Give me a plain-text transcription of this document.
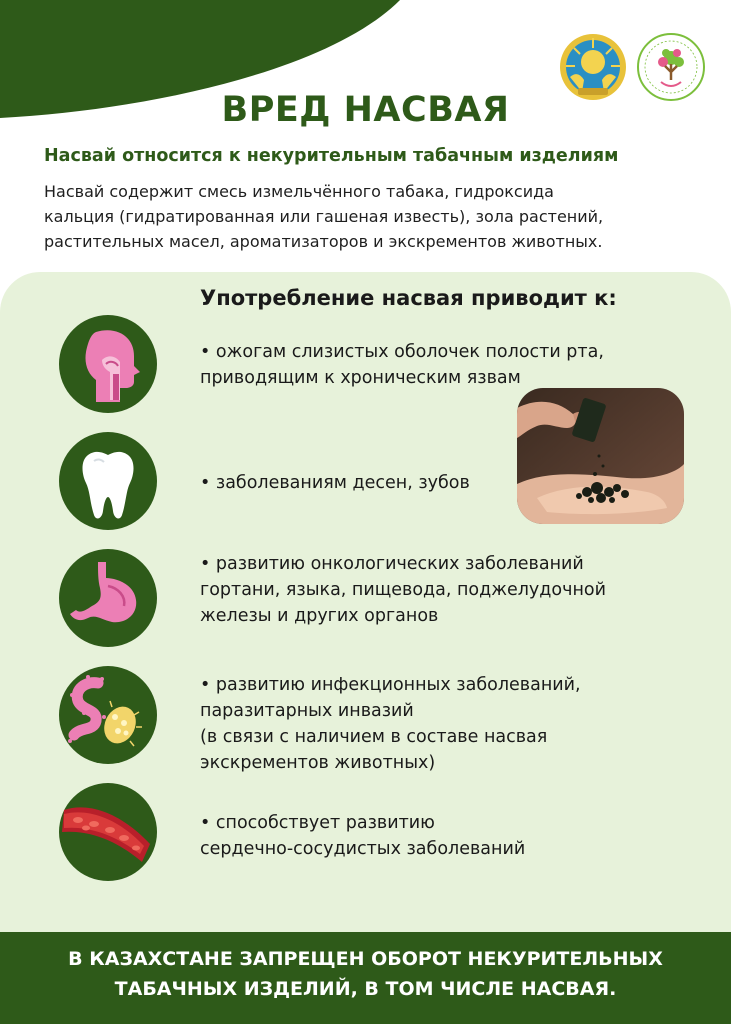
ВРЕД НАСВАЯ
Насвай относится к некурительным табачным изделиям
Насвай содержит смесь измельчённого табака, гидроксида
кальция (гидратированная или гашеная известь), зола растений,
растительных масел, ароматизаторов и экскрементов животных.
Употребление насвая приводит к:
• ожогам слизистых оболочек полости рта,
приводящим к хроническим язвам
• заболеваниям десен, зубов
• развитию онкологических заболеваний
гортани, языка, пищевода, поджелудочной
железы и других органов
• развитию инфекционных заболеваний,
паразитарных инвазий
(в связи с наличием в составе насвая
экскрементов животных)
• способствует развитию
сердечно-сосудистых заболеваний
В КАЗАХСТАНЕ ЗАПРЕЩЕН ОБОРОТ НЕКУРИТЕЛЬНЫХ
ТАБАЧНЫХ ИЗДЕЛИЙ, В ТОМ ЧИСЛЕ НАСВАЯ.
